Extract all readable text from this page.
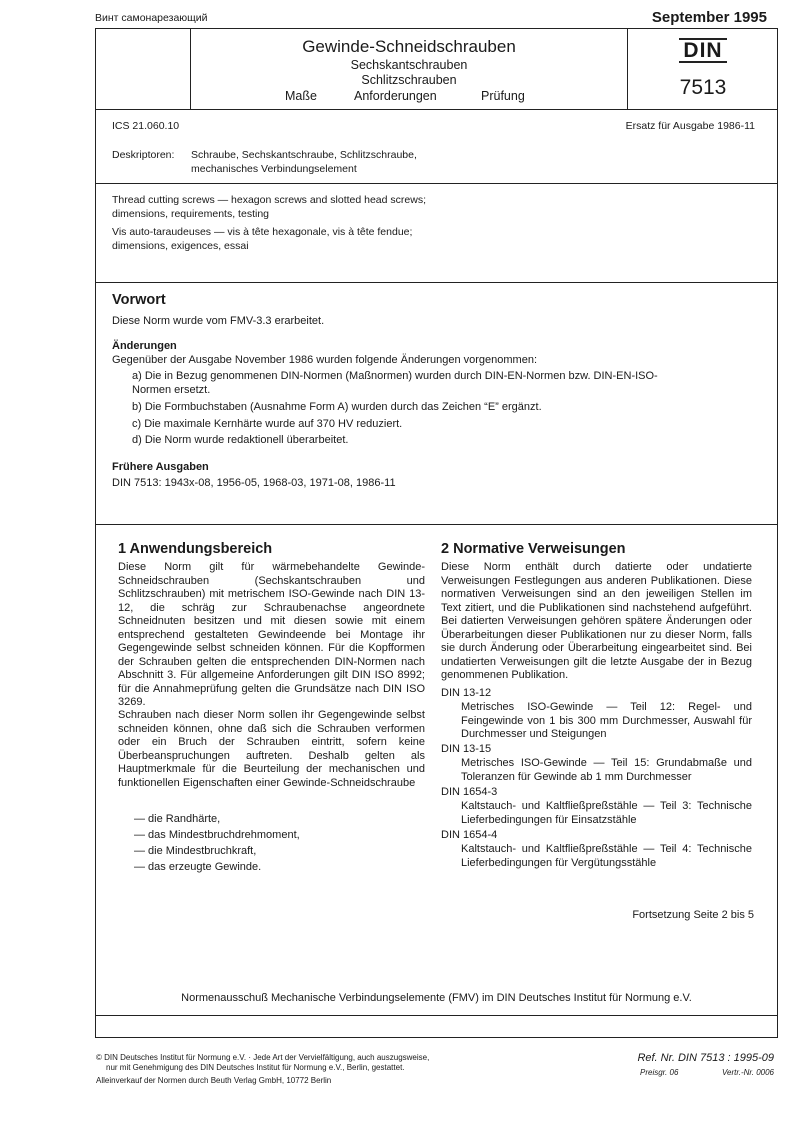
Винт самонарезающий	September 1995
Gewinde-Schneidschrauben
Sechskantschrauben
Schlitzschrauben
Maße	Anforderungen	Prüfung
DIN
7513
ICS 21.060.10	Ersatz für Ausgabe 1986-11
Deskriptoren: Schraube, Sechskantschraube, Schlitzschraube,
mechanisches Verbindungselement
Thread cutting screws — hexagon screws and slotted head screws;
dimensions, requirements, testing
Vis auto-taraudeuses — vis à tête hexagonale, vis à tête fendue;
dimensions, exigences, essai
Vorwort
Diese Norm wurde vom FMV-3.3 erarbeitet.
Änderungen
Gegenüber der Ausgabe November 1986 wurden folgende Änderungen vorgenommen:
a) Die in Bezug genommenen DIN-Normen (Maßnormen) wurden durch DIN-EN-Normen bzw. DIN-EN-ISO-
Normen ersetzt.
b) Die Formbuchstaben (Ausnahme Form A) wurden durch das Zeichen “E” ergänzt.
c) Die maximale Kernhärte wurde auf 370 HV reduziert.
d) Die Norm wurde redaktionell überarbeitet.
Frühere Ausgaben
DIN 7513: 1943x-08, 1956-05, 1968-03, 1971-08, 1986-11
1 Anwendungsbereich
Diese Norm gilt für wärmebehandelte Gewinde-Schneidschrauben (Sechskantschrauben und Schlitzschrauben) mit metrischem ISO-Gewinde nach DIN 13-12, die schräg zur Schraubenachse angeordnete Schneidnuten besitzen und mit diesen sowie mit einem entsprechend gestalteten Gewindeende bei Montage ihr Gegengewinde selbst schneiden können. Für die Kopfformen der Schrauben gelten die entsprechenden DIN-Normen nach Abschnitt 3. Für allgemeine Anforderungen gilt DIN ISO 8992; für die Annahmeprüfung gelten die Grundsätze nach DIN ISO 3269.
Schrauben nach dieser Norm sollen ihr Gegengewinde selbst schneiden können, ohne daß sich die Schrauben verformen oder ein Bruch der Schrauben eintritt, sofern keine Überbeanspruchungen auftreten. Deshalb gelten als Hauptmerkmale für die Beurteilung der mechanischen und funktionellen Eigenschaften einer Gewinde-Schneidschraube
— die Randhärte,
— das Mindestbruchdrehmoment,
— die Mindestbruchkraft,
— das erzeugte Gewinde.
2 Normative Verweisungen
Diese Norm enthält durch datierte oder undatierte Verweisungen Festlegungen aus anderen Publikationen. Diese normativen Verweisungen sind an den jeweiligen Stellen im Text zitiert, und die Publikationen sind nachstehend aufgeführt. Bei datierten Verweisungen gehören spätere Änderungen oder Überarbeitungen dieser Publikationen nur zu dieser Norm, falls sie durch Änderung oder Überarbeitung eingearbeitet sind. Bei undatierten Verweisungen gilt die letzte Ausgabe der in Bezug genommenen Publikation.
DIN 13-12
Metrisches ISO-Gewinde — Teil 12: Regel- und Feingewinde von 1 bis 300 mm Durchmesser, Auswahl für Durchmesser und Steigungen
DIN 13-15
Metrisches ISO-Gewinde — Teil 15: Grundabmaße und Toleranzen für Gewinde ab 1 mm Durchmesser
DIN 1654-3
Kaltstauch- und Kaltfließpreßstähle — Teil 3: Technische Lieferbedingungen für Einsatzstähle
DIN 1654-4
Kaltstauch- und Kaltfließpreßstähle — Teil 4: Technische Lieferbedingungen für Vergütungsstähle
Fortsetzung Seite 2 bis 5
Normenausschuß Mechanische Verbindungselemente (FMV) im DIN Deutsches Institut für Normung e.V.
© DIN Deutsches Institut für Normung e.V. · Jede Art der Vervielfältigung, auch auszugsweise,
nur mit Genehmigung des DIN Deutsches Institut für Normung e.V., Berlin, gestattet.
Alleinverkauf der Normen durch Beuth Verlag GmbH, 10772 Berlin
Ref. Nr. DIN 7513 : 1995-09
Preisgr. 06	Vertr.-Nr. 0006
